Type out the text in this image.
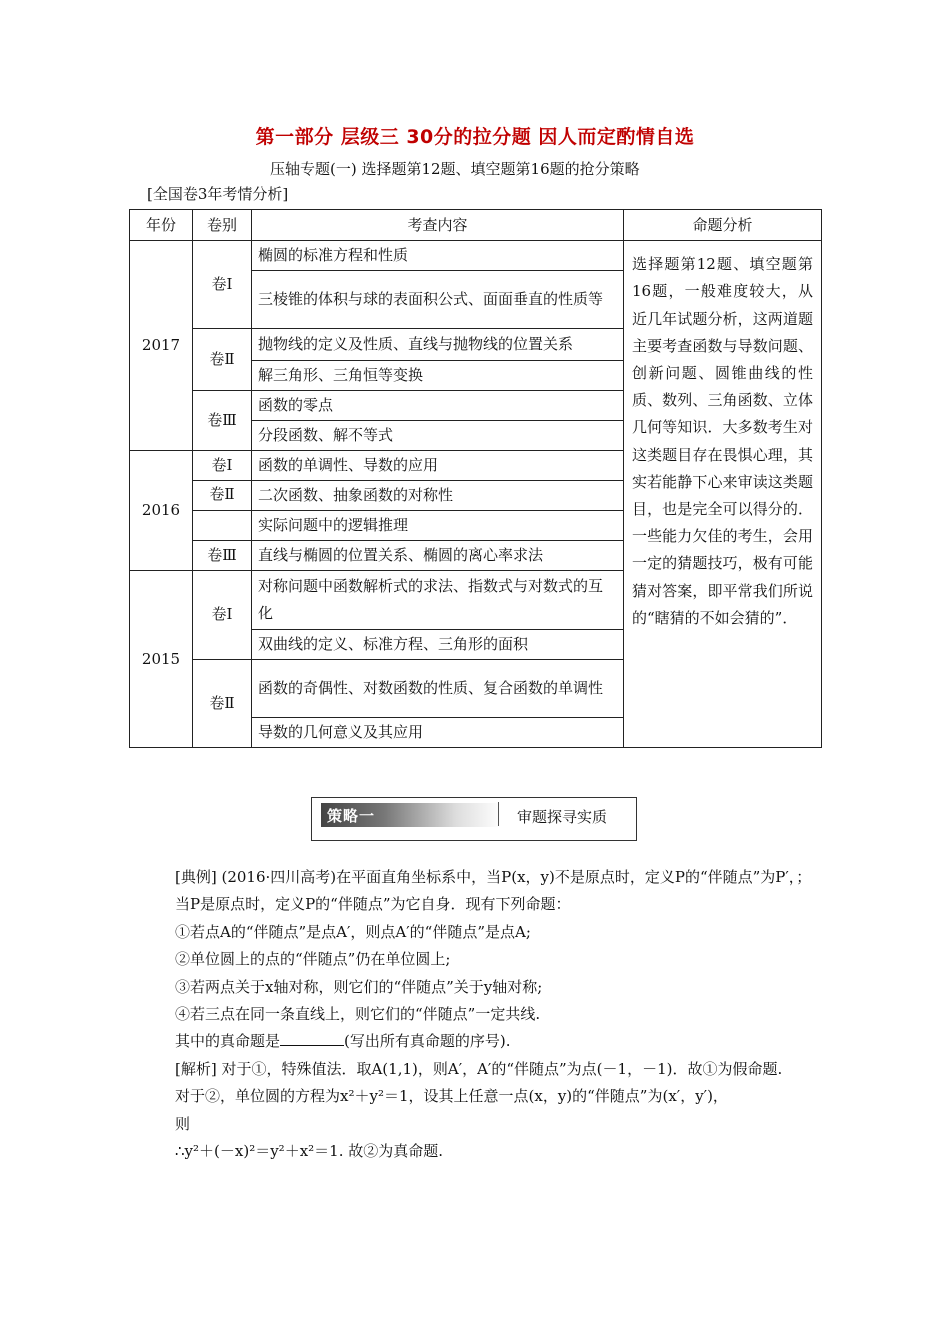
第一部分 层级三 30分的拉分题 因人而定酌情自选
压轴专题(一) 选择题第12题、填空题第16题的抢分策略
[全国卷3年考情分析]
年份	卷别	考查内容	命题分析
2017	卷Ⅰ	椭圆的标准方程和性质	选择题第12题、填空题第16题，一般难度较大，从近几年试题分析，这两道题主要考查函数与导数问题、创新问题、圆锥曲线的性质、数列、三角函数、立体几何等知识．大多数考生对这类题目存在畏惧心理，其实若能静下心来审读这类题目，也是完全可以得分的．一些能力欠佳的考生，会用一定的猜题技巧，极有可能猜对答案，即平常我们所说的“瞎猜的不如会猜的”．
		三棱锥的体积与球的表面积公式、面面垂直的性质等	
	卷Ⅱ	抛物线的定义及性质、直线与抛物线的位置关系	
		解三角形、三角恒等变换	
	卷Ⅲ	函数的零点	
		分段函数、解不等式	
2016	卷Ⅰ	函数的单调性、导数的应用	
	卷Ⅱ	二次函数、抽象函数的对称性	
		实际问题中的逻辑推理	
	卷Ⅲ	直线与椭圆的位置关系、椭圆的离心率求法	
2015	卷Ⅰ	对称问题中函数解析式的求法、指数式与对数式的互化	
		双曲线的定义、标准方程、三角形的面积	
	卷Ⅱ	函数的奇偶性、对数函数的性质、复合函数的单调性	
		导数的几何意义及其应用	
策略一	审题探寻实质

[典例] (2016·四川高考)在平面直角坐标系中，当P(x，y)不是原点时，定义P的“伴随点”为P′，；当P是原点时，定义P的“伴随点”为它自身．现有下列命题：

①若点A的“伴随点”是点A′，则点A′的“伴随点”是点A;

②单位圆上的点的“伴随点”仍在单位圆上;

③若两点关于x轴对称，则它们的“伴随点”关于y轴对称;

④若三点在同一条直线上，则它们的“伴随点”一定共线.

其中的真命题是	(写出所有真命题的序号).

[解析] 对于①，特殊值法．取A(1,1)，则A′，A′的“伴随点”为点(－1，－1)．故①为假命题.

对于②，单位圆的方程为x²＋y²＝1，设其上任意一点(x，y)的“伴随点”为(x′，y′)，

则

∴y²＋(－x)²＝y²＋x²＝1. 故②为真命题.
